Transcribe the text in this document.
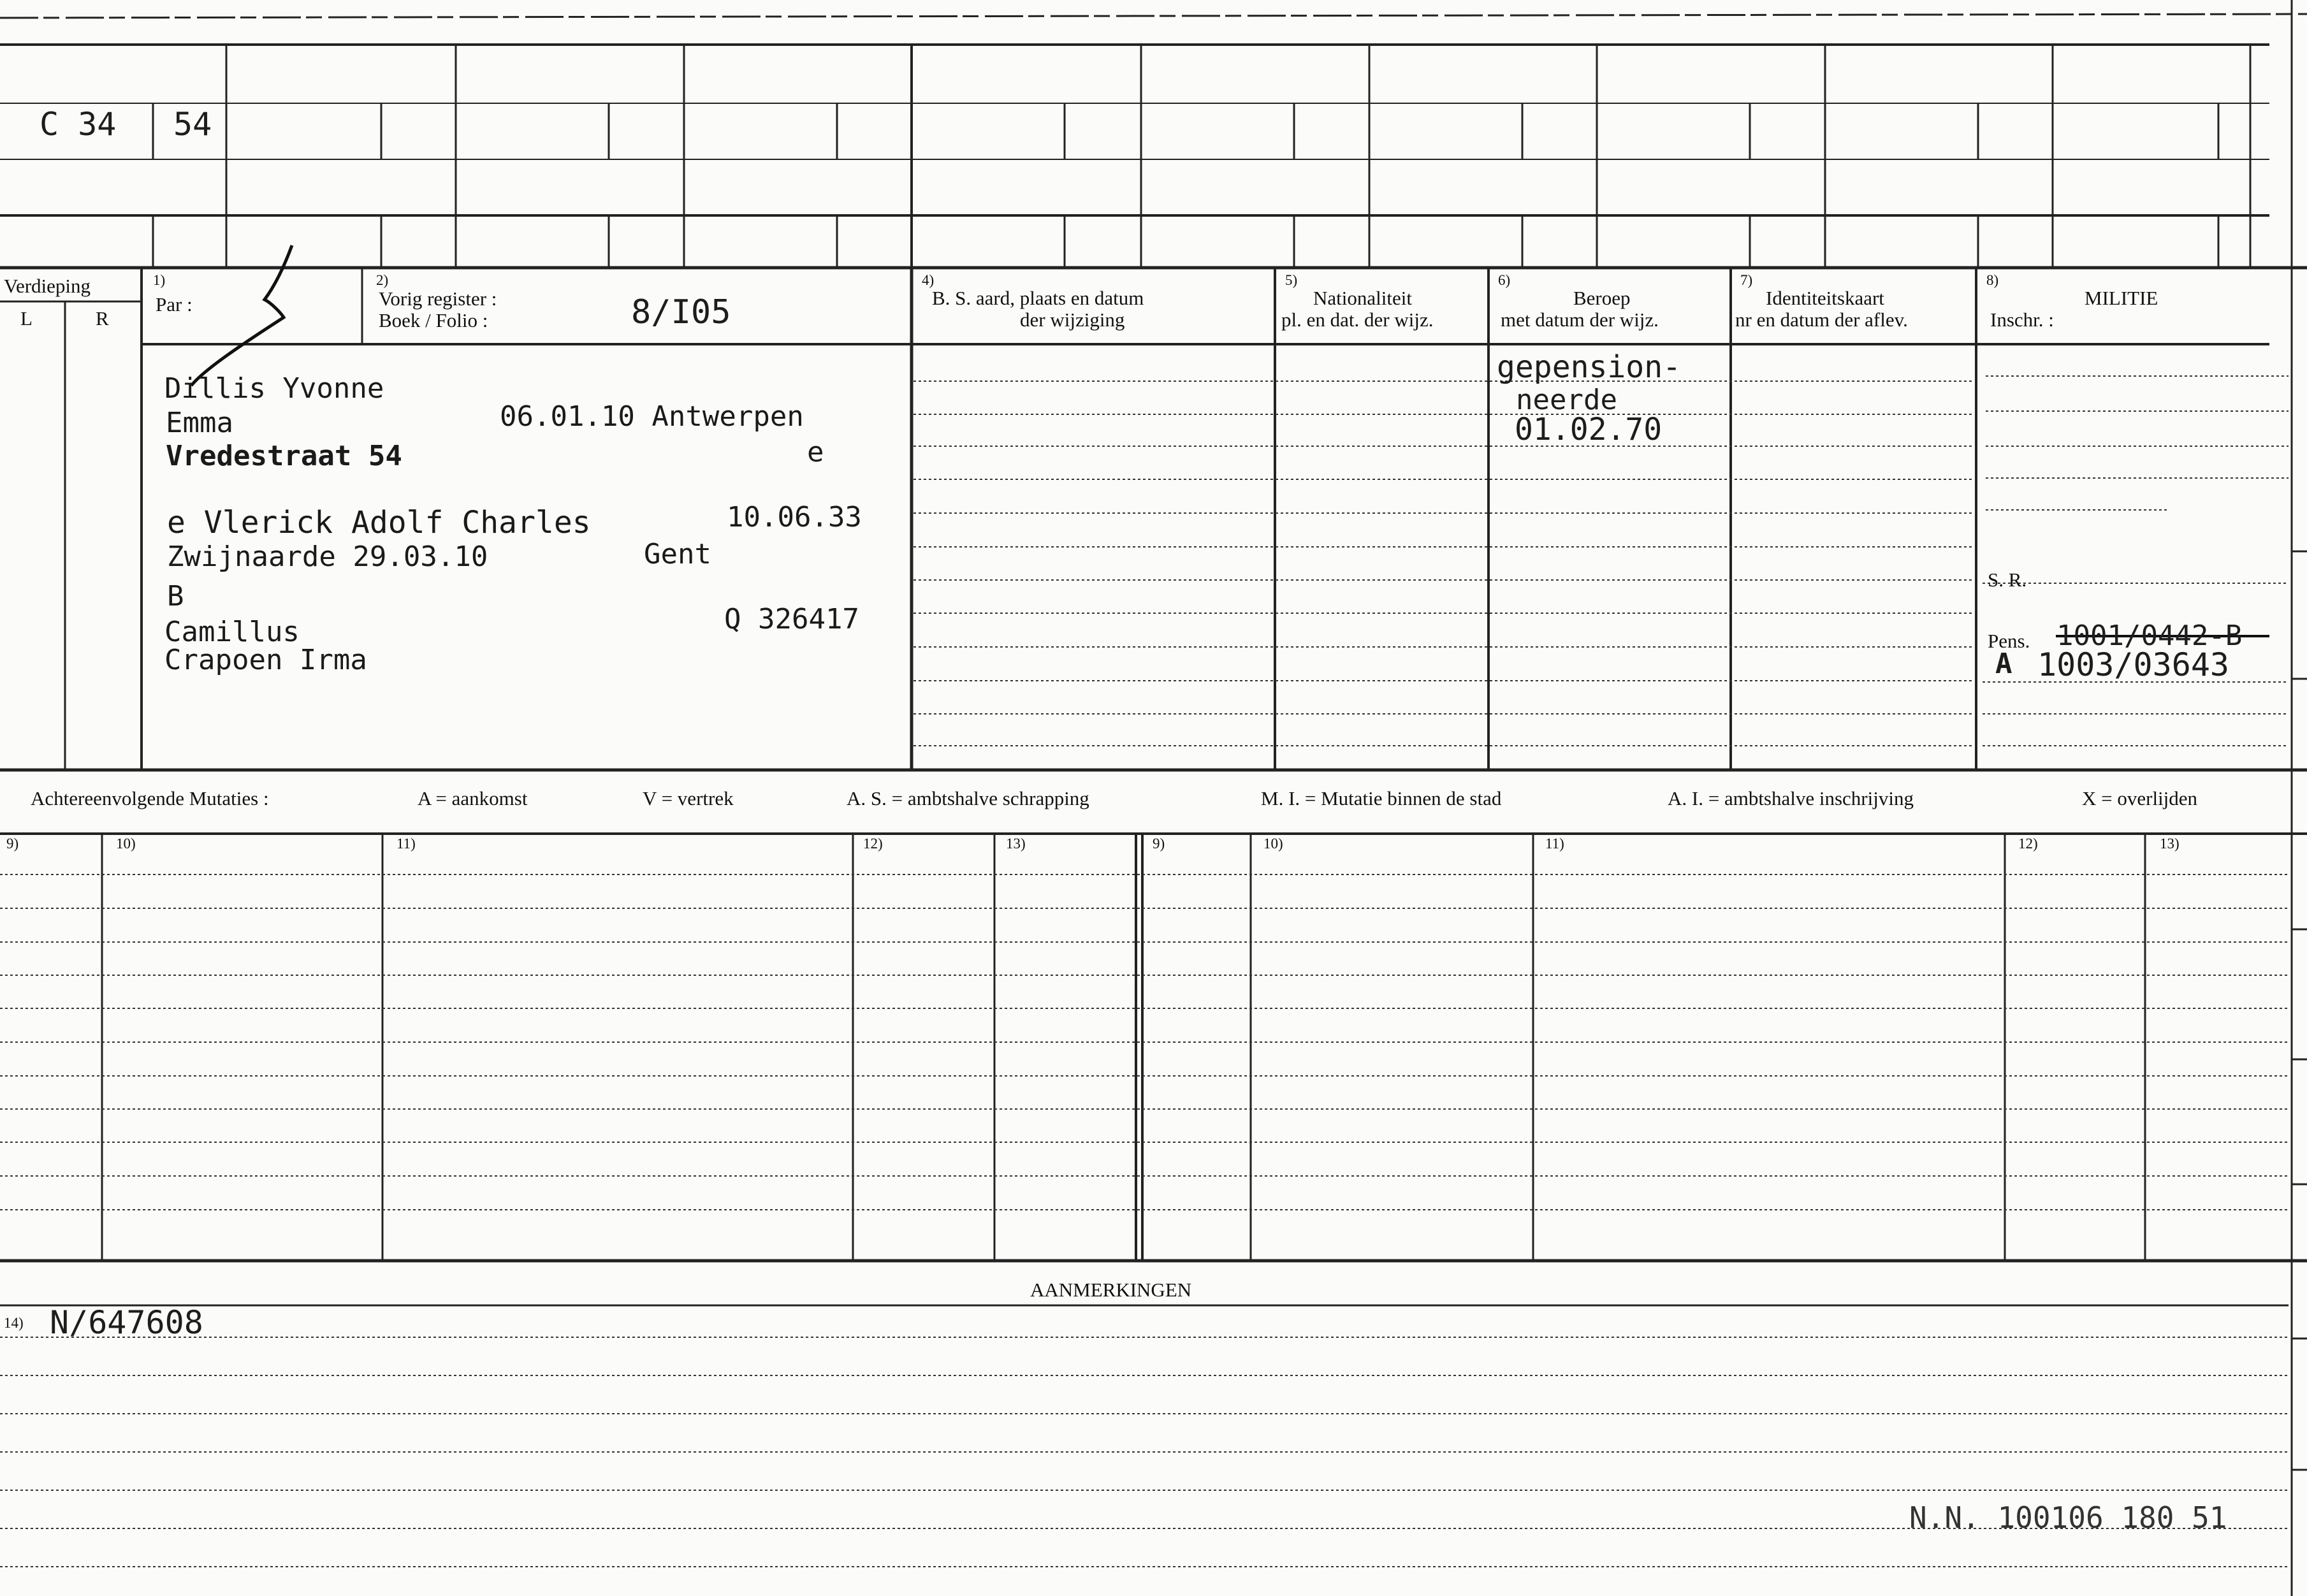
C 34 54
Verdieping
L	R
1)
Par :
2)
Vorig register :
Boek / Folio :	8/I05
4)
B. S. aard, plaats en datum
der wijziging
5)
Nationaliteit
pl. en dat. der wijz.
6)
Beroep
met datum der wijz.
7)
Identiteitskaart
nr en datum der aflev.
8)
MILITIE
Inschr. :
S. R.
Pens.
Dillis Yvonne
Emma	06.01.10 Antwerpen
Vredestraat 54	e
e Vlerick Adolf Charles	10.06.33
Zwijnaarde 29.03.10	Gent
B
Camillus	Q 326417
Crapoen Irma
gepension-
neerde
01.02.70
1001/0442-B
A 1003/03643
Achtereenvolgende Mutaties :	A = aankomst	V = vertrek	A. S. = ambtshalve schrapping	M. I. = Mutatie binnen de stad	A. I. = ambtshalve inschrijving	X = overlijden
9)	10)	11)	12)	13)	9)	10)	11)	12)	13)
AANMERKINGEN
14) N/647608
N.N. 100106 180 51
